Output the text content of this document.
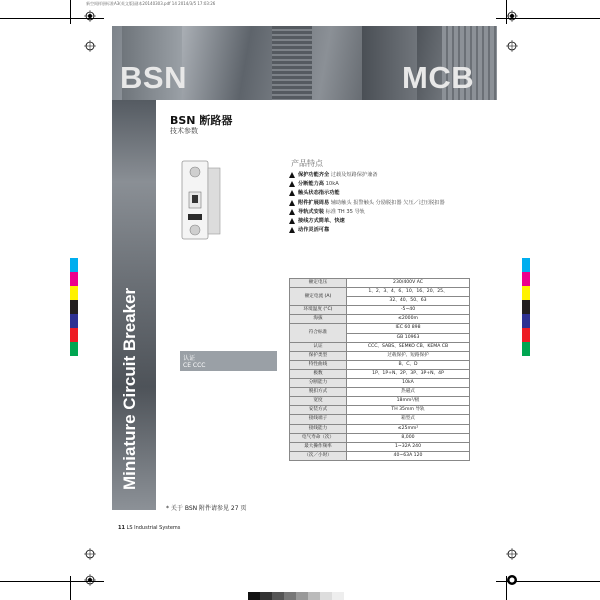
新空间样册标准A3(英文版)副本20140303.pdf 14 2014/3/5 17:03:26
BSN	MCB
Miniature Circuit Breaker
BSN 断路器
技术参数
产品特点
保护功能齐全 过载及短路保护兼备
分断能力高 10kA
触头状态指示功能
附件扩展周易 辅助触头 报警触头 分励脱扣器 欠压／过压脱扣器
导轨式安装 标准 TH 35 导轨
接线方式简单、快速
动作灵活可靠
认证
CE CCC
额定电压	230/400V AC
额定电流 (A)	1、2、3、4、6、10、16、20、25、
	32、40、50、63
环境温度 (°C)	-5~40
海拔	≤2000m
符合标准	IEC 60 898
	GB 10963
认证	CCC、SABS、SEMKO CB、KEMA CB
保护类型	过载保护、短路保护
特性曲线	B、C、D
极数	1P、1P+N、2P、3P、3P+N、4P
分断能力	10kA
脱扣方式	热磁式
宽度	18mm²/极
安装方式	TH 35mm 导轨
接线端子	箱型式
接线能力	≤25mm²
电气寿命（次）	8,000
最大操作频率	1~32A 240
（次／小时）	40~63A 120
* 关于 BSN 附件请参见 27 页
11 LS Industrial Systems
